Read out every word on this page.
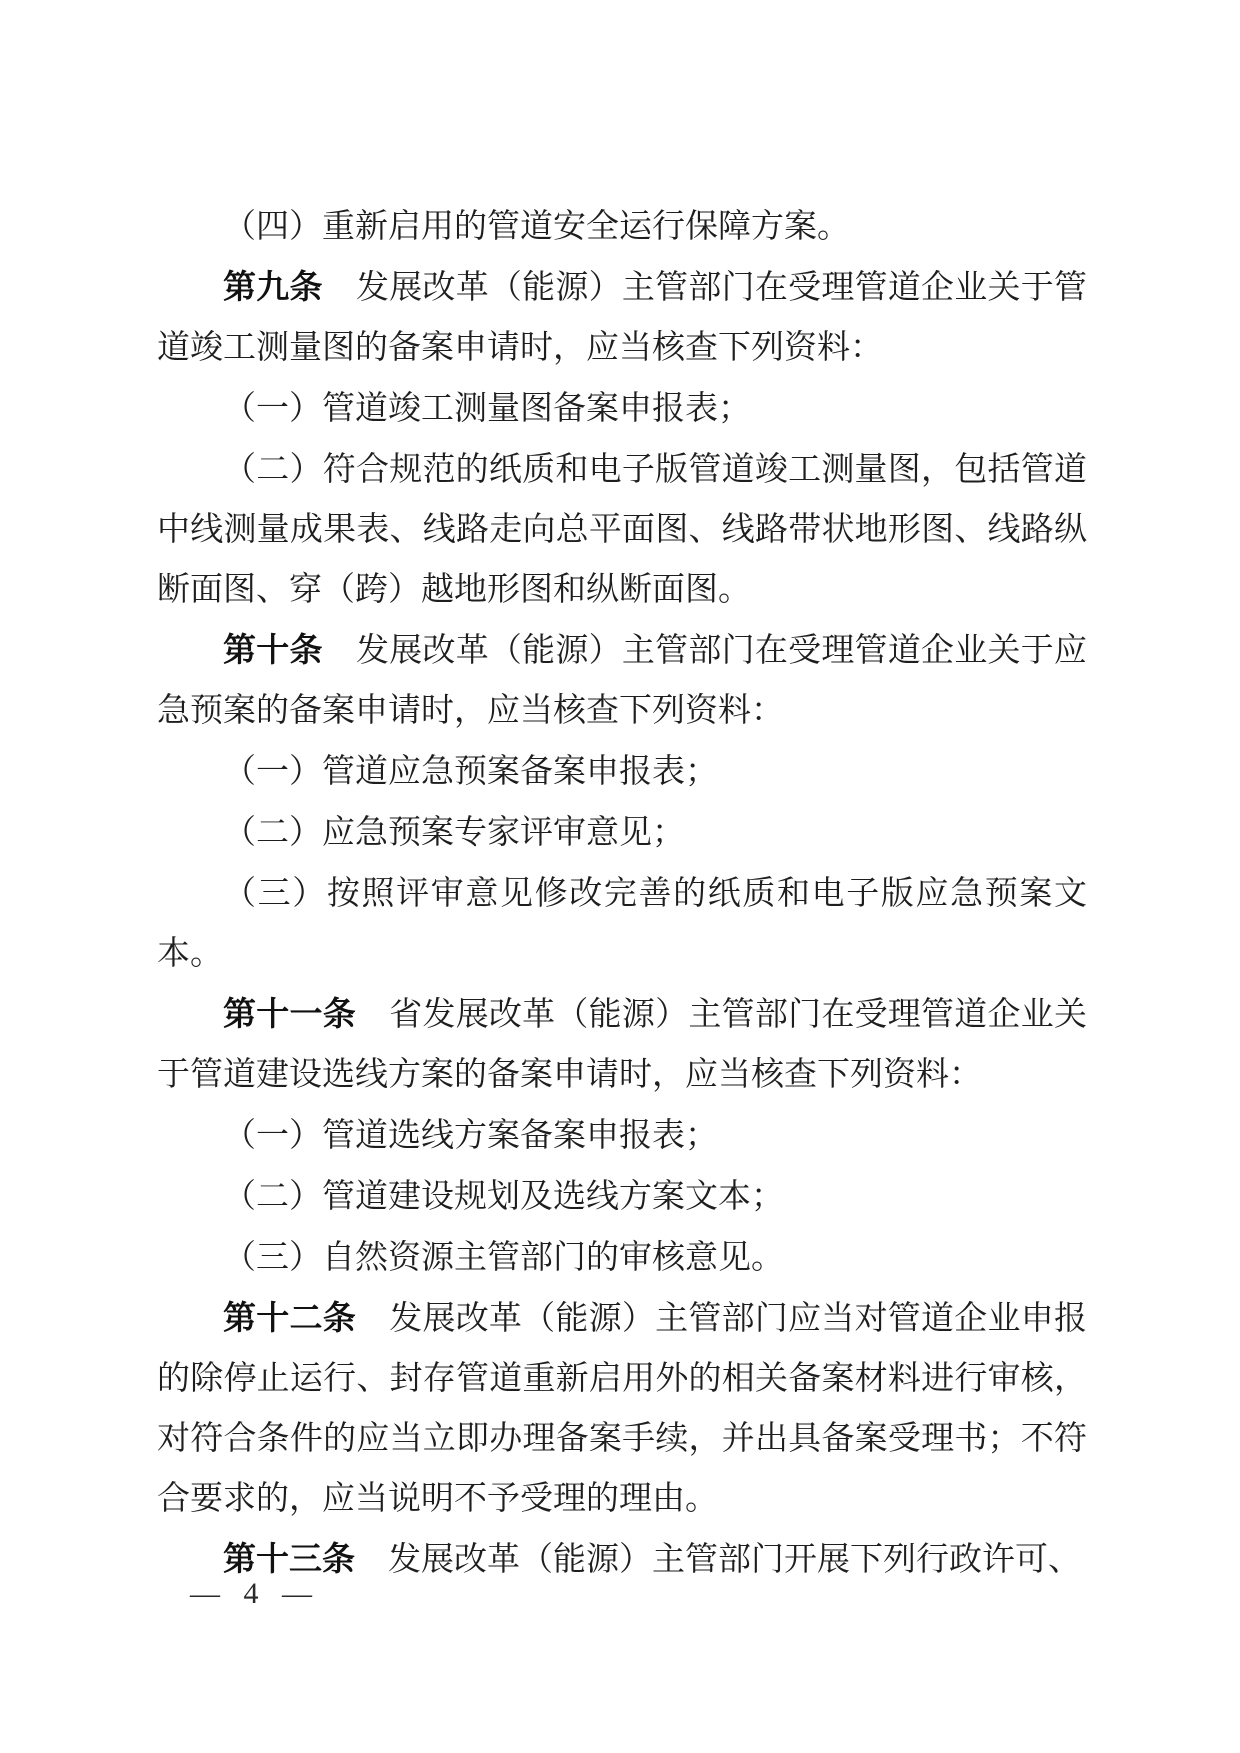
（四）重新启用的管道安全运行保障方案。

第九条　发展改革（能源）主管部门在受理管道企业关于管道竣工测量图的备案申请时，应当核查下列资料：

（一）管道竣工测量图备案申报表；

（二）符合规范的纸质和电子版管道竣工测量图，包括管道中线测量成果表、线路走向总平面图、线路带状地形图、线路纵断面图、穿（跨）越地形图和纵断面图。

第十条　发展改革（能源）主管部门在受理管道企业关于应急预案的备案申请时，应当核查下列资料：

（一）管道应急预案备案申报表；

（二）应急预案专家评审意见；

（三）按照评审意见修改完善的纸质和电子版应急预案文本。

第十一条　省发展改革（能源）主管部门在受理管道企业关于管道建设选线方案的备案申请时，应当核查下列资料：

（一）管道选线方案备案申报表；

（二）管道建设规划及选线方案文本；

（三）自然资源主管部门的审核意见。

第十二条　发展改革（能源）主管部门应当对管道企业申报的除停止运行、封存管道重新启用外的相关备案材料进行审核，对符合条件的应当立即办理备案手续，并出具备案受理书；不符合要求的，应当说明不予受理的理由。

第十三条　发展改革（能源）主管部门开展下列行政许可、

— 4 —
